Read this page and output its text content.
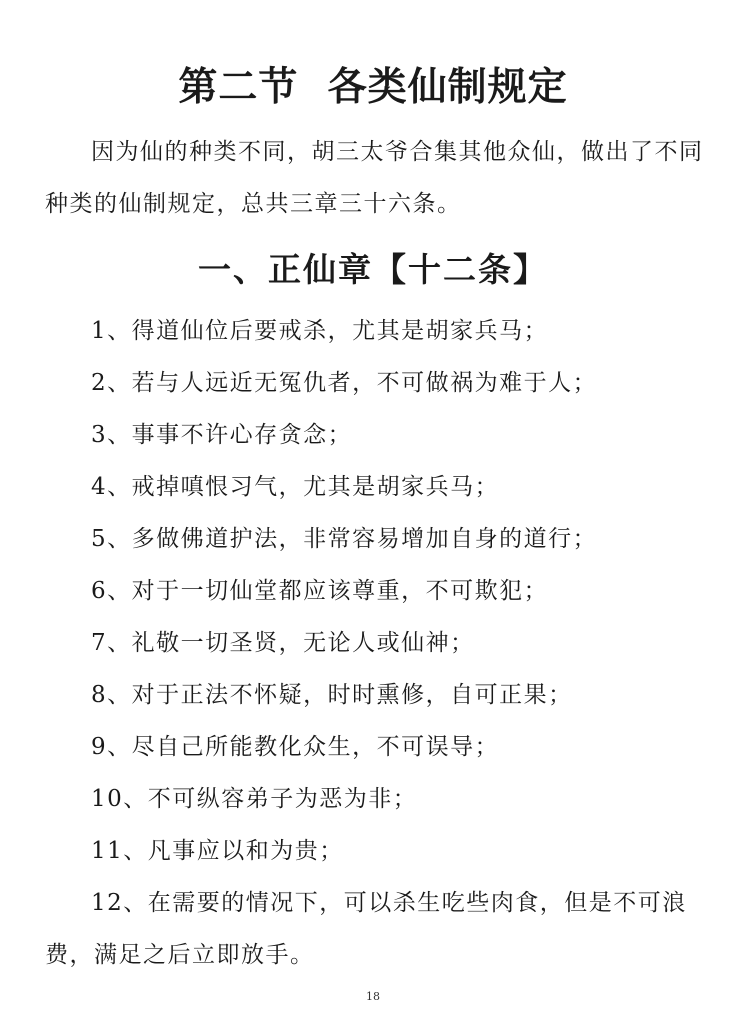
第二节  各类仙制规定

因为仙的种类不同，胡三太爷合集其他众仙，做出了不同种类的仙制规定，总共三章三十六条。

一、正仙章【十二条】
1、得道仙位后要戒杀，尤其是胡家兵马；
2、若与人远近无冤仇者，不可做祸为难于人；
3、事事不许心存贪念；
4、戒掉嗔恨习气，尤其是胡家兵马；
5、多做佛道护法，非常容易增加自身的道行；
6、对于一切仙堂都应该尊重，不可欺犯；
7、礼敬一切圣贤，无论人或仙神；
8、对于正法不怀疑，时时熏修，自可正果；
9、尽自己所能教化众生，不可误导；
10、不可纵容弟子为恶为非；
11、凡事应以和为贵；
12、在需要的情况下，可以杀生吃些肉食，但是不可浪费，满足之后立即放手。
18
